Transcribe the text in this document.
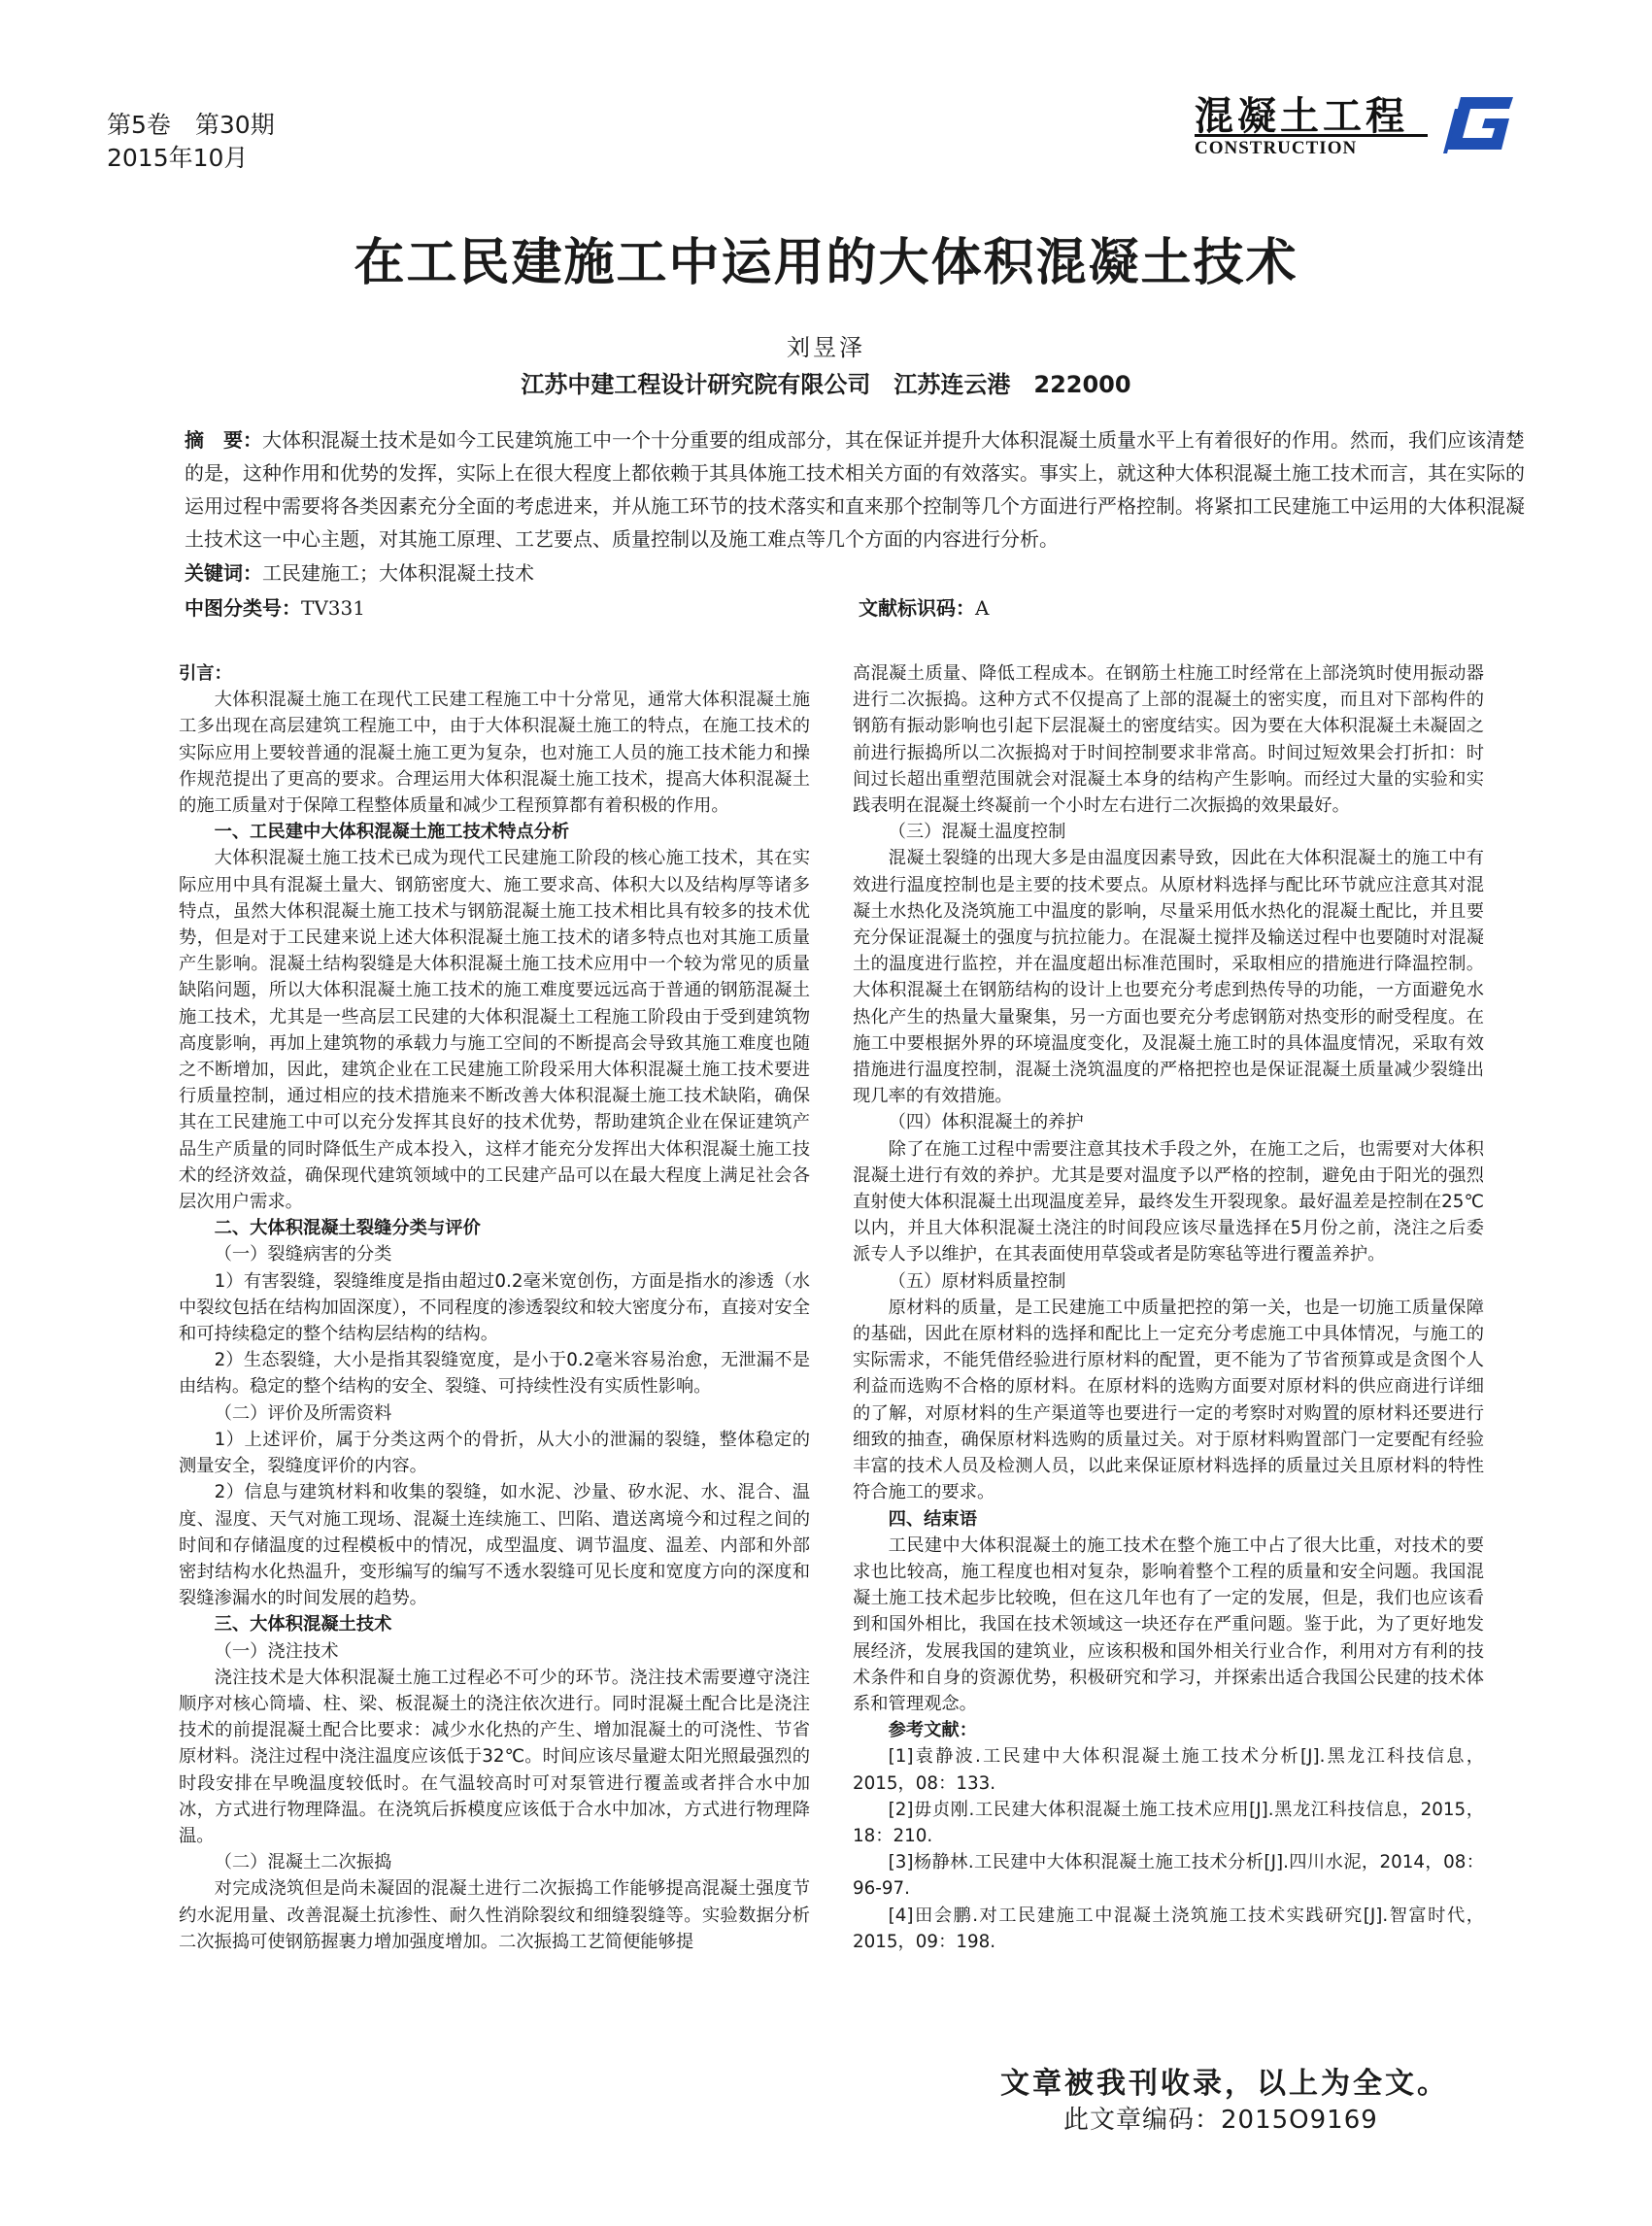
第5卷　第30期
2015年10月
混凝土工程
CONSTRUCTION
在工民建施工中运用的大体积混凝土技术
刘昱泽
江苏中建工程设计研究院有限公司　江苏连云港　222000
摘　要：大体积混凝土技术是如今工民建筑施工中一个十分重要的组成部分，其在保证并提升大体积混凝土质量水平上有着很好的作用。然而，我们应该清楚的是，这种作用和优势的发挥，实际上在很大程度上都依赖于其具体施工技术相关方面的有效落实。事实上，就这种大体积混凝土施工技术而言，其在实际的运用过程中需要将各类因素充分全面的考虑进来，并从施工环节的技术落实和直来那个控制等几个方面进行严格控制。将紧扣工民建施工中运用的大体积混凝土技术这一中心主题，对其施工原理、工艺要点、质量控制以及施工难点等几个方面的内容进行分析。
关键词：工民建施工；大体积混凝土技术
中图分类号：TV331	文献标识码：A

引言：

大体积混凝土施工在现代工民建工程施工中十分常见，通常大体积混凝土施工多出现在高层建筑工程施工中，由于大体积混凝土施工的特点，在施工技术的实际应用上要较普通的混凝土施工更为复杂，也对施工人员的施工技术能力和操作规范提出了更高的要求。合理运用大体积混凝土施工技术，提高大体积混凝土的施工质量对于保障工程整体质量和减少工程预算都有着积极的作用。

一、工民建中大体积混凝土施工技术特点分析

大体积混凝土施工技术已成为现代工民建施工阶段的核心施工技术，其在实际应用中具有混凝土量大、钢筋密度大、施工要求高、体积大以及结构厚等诸多特点，虽然大体积混凝土施工技术与钢筋混凝土施工技术相比具有较多的技术优势，但是对于工民建来说上述大体积混凝土施工技术的诸多特点也对其施工质量产生影响。混凝土结构裂缝是大体积混凝土施工技术应用中一个较为常见的质量缺陷问题，所以大体积混凝土施工技术的施工难度要远远高于普通的钢筋混凝土施工技术，尤其是一些高层工民建的大体积混凝土工程施工阶段由于受到建筑物高度影响，再加上建筑物的承载力与施工空间的不断提高会导致其施工难度也随之不断增加，因此，建筑企业在工民建施工阶段采用大体积混凝土施工技术要进行质量控制，通过相应的技术措施来不断改善大体积混凝土施工技术缺陷，确保其在工民建施工中可以充分发挥其良好的技术优势，帮助建筑企业在保证建筑产品生产质量的同时降低生产成本投入，这样才能充分发挥出大体积混凝土施工技术的经济效益，确保现代建筑领域中的工民建产品可以在最大程度上满足社会各层次用户需求。

二、大体积混凝土裂缝分类与评价

（一）裂缝病害的分类

1）有害裂缝，裂缝维度是指由超过0.2毫米宽创伤，方面是指水的渗透（水中裂纹包括在结构加固深度），不同程度的渗透裂纹和较大密度分布，直接对安全和可持续稳定的整个结构层结构的结构。

2）生态裂缝，大小是指其裂缝宽度，是小于0.2毫米容易治愈，无泄漏不是由结构。稳定的整个结构的安全、裂缝、可持续性没有实质性影响。

（二）评价及所需资料

1）上述评价，属于分类这两个的骨折，从大小的泄漏的裂缝，整体稳定的测量安全，裂缝度评价的内容。

2）信息与建筑材料和收集的裂缝，如水泥、沙量、矽水泥、水、混合、温度、湿度、天气对施工现场、混凝土连续施工、凹陷、遣送离境今和过程之间的时间和存储温度的过程模板中的情况，成型温度、调节温度、温差、内部和外部密封结构水化热温升，变形编写的编写不透水裂缝可见长度和宽度方向的深度和裂缝渗漏水的时间发展的趋势。

三、大体积混凝土技术

（一）浇注技术

浇注技术是大体积混凝土施工过程必不可少的环节。浇注技术需要遵守浇注顺序对核心筒墙、柱、梁、板混凝土的浇注依次进行。同时混凝土配合比是浇注技术的前提混凝土配合比要求：减少水化热的产生、增加混凝土的可浇性、节省原材料。浇注过程中浇注温度应该低于32℃。时间应该尽量避太阳光照最强烈的时段安排在早晚温度较低时。在气温较高时可对泵管进行覆盖或者拌合水中加冰，方式进行物理降温。在浇筑后拆模度应该低于合水中加冰，方式进行物理降温。

（二）混凝土二次振捣

对完成浇筑但是尚未凝固的混凝土进行二次振捣工作能够提高混凝土强度节约水泥用量、改善混凝土抗渗性、耐久性消除裂纹和细缝裂缝等。实验数据分析二次振捣可使钢筋握裹力增加强度增加。二次振捣工艺简便能够提

高混凝土质量、降低工程成本。在钢筋土柱施工时经常在上部浇筑时使用振动器进行二次振捣。这种方式不仅提高了上部的混凝土的密实度，而且对下部构件的钢筋有振动影响也引起下层混凝土的密度结实。因为要在大体积混凝土未凝固之前进行振捣所以二次振捣对于时间控制要求非常高。时间过短效果会打折扣：时间过长超出重塑范围就会对混凝土本身的结构产生影响。而经过大量的实验和实践表明在混凝土终凝前一个小时左右进行二次振捣的效果最好。

（三）混凝土温度控制

混凝土裂缝的出现大多是由温度因素导致，因此在大体积混凝土的施工中有效进行温度控制也是主要的技术要点。从原材料选择与配比环节就应注意其对混凝土水热化及浇筑施工中温度的影响，尽量采用低水热化的混凝土配比，并且要充分保证混凝土的强度与抗拉能力。在混凝土搅拌及输送过程中也要随时对混凝土的温度进行监控，并在温度超出标准范围时，采取相应的措施进行降温控制。大体积混凝土在钢筋结构的设计上也要充分考虑到热传导的功能，一方面避免水热化产生的热量大量聚集，另一方面也要充分考虑钢筋对热变形的耐受程度。在施工中要根据外界的环境温度变化，及混凝土施工时的具体温度情况，采取有效措施进行温度控制，混凝土浇筑温度的严格把控也是保证混凝土质量减少裂缝出现几率的有效措施。

（四）体积混凝土的养护

除了在施工过程中需要注意其技术手段之外，在施工之后，也需要对大体积混凝土进行有效的养护。尤其是要对温度予以严格的控制，避免由于阳光的强烈直射使大体积混凝土出现温度差异，最终发生开裂现象。最好温差是控制在25℃以内，并且大体积混凝土浇注的时间段应该尽量选择在5月份之前，浇注之后委派专人予以维护，在其表面使用草袋或者是防寒毡等进行覆盖养护。

（五）原材料质量控制

原材料的质量，是工民建施工中质量把控的第一关，也是一切施工质量保障的基础，因此在原材料的选择和配比上一定充分考虑施工中具体情况，与施工的实际需求，不能凭借经验进行原材料的配置，更不能为了节省预算或是贪图个人利益而选购不合格的原材料。在原材料的选购方面要对原材料的供应商进行详细的了解，对原材料的生产渠道等也要进行一定的考察时对购置的原材料还要进行细致的抽查，确保原材料选购的质量过关。对于原材料购置部门一定要配有经验丰富的技术人员及检测人员，以此来保证原材料选择的质量过关且原材料的特性符合施工的要求。

四、结束语

工民建中大体积混凝土的施工技术在整个施工中占了很大比重，对技术的要求也比较高，施工程度也相对复杂，影响着整个工程的质量和安全问题。我国混凝土施工技术起步比较晚，但在这几年也有了一定的发展，但是，我们也应该看到和国外相比，我国在技术领域这一块还存在严重问题。鉴于此，为了更好地发展经济，发展我国的建筑业，应该积极和国外相关行业合作，利用对方有利的技术条件和自身的资源优势，积极研究和学习，并探索出适合我国公民建的技术体系和管理观念。

参考文献：

[1]袁静波.工民建中大体积混凝土施工技术分析[J].黑龙江科技信息，2015，08：133.

[2]毋贞刚.工民建大体积混凝土施工技术应用[J].黑龙江科技信息，2015，18：210.

[3]杨静林.工民建中大体积混凝土施工技术分析[J].四川水泥，2014，08：96-97.

[4]田会鹏.对工民建施工中混凝土浇筑施工技术实践研究[J].智富时代，2015，09：198.

文章被我刊收录，以上为全文。
此文章编码：2015O9169
